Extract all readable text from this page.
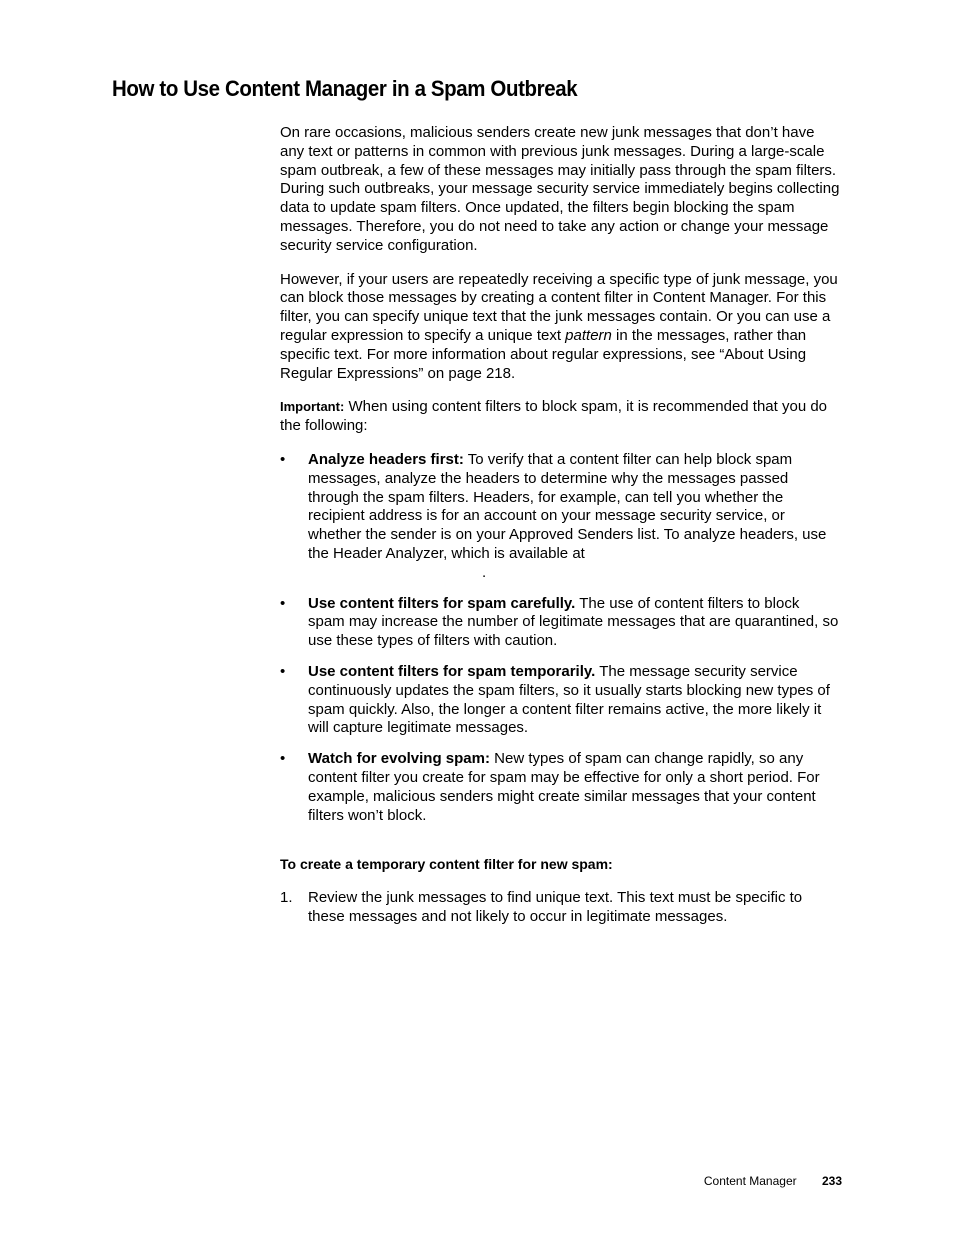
How to Use Content Manager in a Spam Outbreak

On rare occasions, malicious senders create new junk messages that don’t have any text or patterns in common with previous junk messages. During a large-scale spam outbreak, a few of these messages may initially pass through the spam filters. During such outbreaks, your message security service immediately begins collecting data to update spam filters. Once updated, the filters begin blocking the spam messages. Therefore, you do not need to take any action or change your message security service configuration.

However, if your users are repeatedly receiving a specific type of junk message, you can block those messages by creating a content filter in Content Manager. For this filter, you can specify unique text that the junk messages contain. Or you can use a regular expression to specify a unique text pattern in the messages, rather than specific text. For more information about regular expressions, see “About Using Regular Expressions” on page 218.

Important: When using content filters to block spam, it is recommended that you do the following:

• Analyze headers first: To verify that a content filter can help block spam messages, analyze the headers to determine why the messages passed through the spam filters. Headers, for example, can tell you whether the recipient address is for an account on your message security service, or whether the sender is on your Approved Senders list. To analyze headers, use the Header Analyzer, which is available at
.
• Use content filters for spam carefully. The use of content filters to block spam may increase the number of legitimate messages that are quarantined, so use these types of filters with caution.
• Use content filters for spam temporarily. The message security service continuously updates the spam filters, so it usually starts blocking new types of spam quickly. Also, the longer a content filter remains active, the more likely it will capture legitimate messages.
• Watch for evolving spam: New types of spam can change rapidly, so any content filter you create for spam may be effective for only a short period. For example, malicious senders might create similar messages that your content filters won’t block.
To create a temporary content filter for new spam:
1. Review the junk messages to find unique text. This text must be specific to these messages and not likely to occur in legitimate messages.
Content Manager 233
